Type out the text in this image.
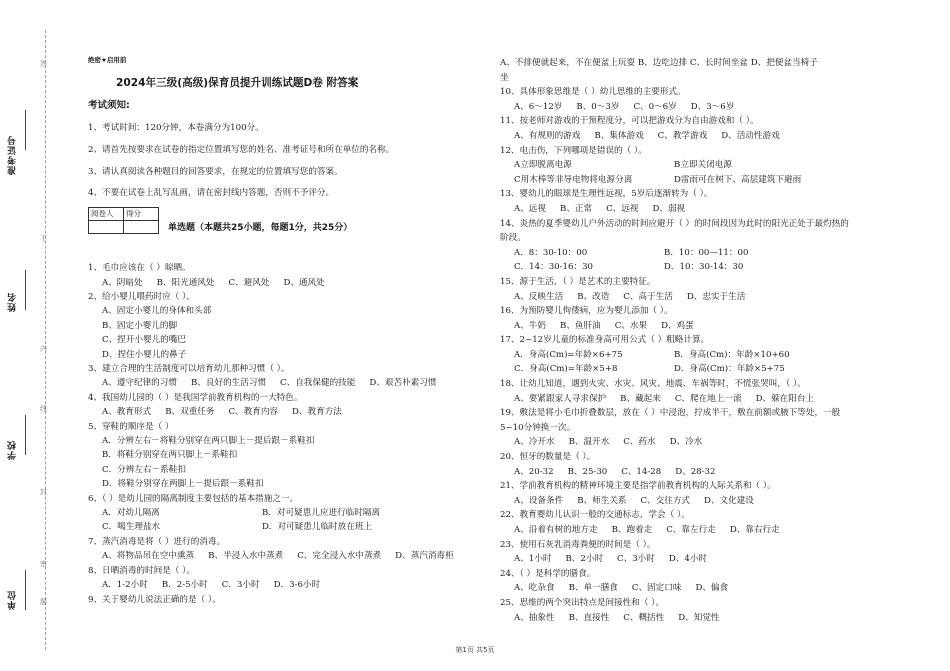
准考证号
姓名
学校
单位
答
不
内
线
封
密
题
绝密★启用前
2024年三级(高级)保育员提升训练试题D卷 附答案
考试须知:
1、考试时间：120分钟，本卷满分为100分。
2、请首先按要求在试卷的指定位置填写您的姓名、准考证号和所在单位的名称。
3、请认真阅读各种题目的回答要求，在规定的位置填写您的答案。
4、不要在试卷上乱写乱画，请在密封线内答题，否则不予评分。
阅卷人	得分

单选题（本题共25小题，每题1分，共25分）
1、毛巾应该在（ ）晾晒。
A、阴暗处 B、阳光通风处 C、避风处 D、通风处
2、给小婴儿喂药时应（ ）。
A、固定小婴儿的身体和头部
B、固定小婴儿的脚
C、捏开小婴儿的嘴巴
D、捏住小婴儿的鼻子
3、建立合理的生活制度可以培育幼儿那种习惯（ ）。
A、遵守纪律的习惯 B、良好的生活习惯 C、自我保健的技能 D、艰苦朴素习惯
4、我国幼儿园的（ ）是我国学前教育机构的一大特色。
A、教育形式 B、双重任务 C、教育内容 D、教育方法
5、穿鞋的顺序是（ ）
A．分辨左右－将鞋分别穿在两只脚上－提后跟－系鞋扣
B．将鞋分别穿在两只脚上－系鞋扣
C．分辨左右－系鞋扣
D．将鞋分别穿在两脚上－提后跟－系鞋扣
6、（ ）是幼儿园的隔离制度主要包括的基本措施之一。
A．对幼儿隔离	B．对可疑患儿应进行临时隔离
C．喝生理盐水	D．对可疑患儿临时放在班上
7、蒸汽消毒是将（ ）进行的消毒。
A、将物品吊在空中熏蒸 B、半浸入水中蒸煮 C、完全浸入水中蒸煮 D、蒸汽消毒柜
8、日晒消毒的时间是（ ）。
A．1-2小时 B．2-5小时 C．3小时 D．3-6小时
9、关于婴幼儿说法正确的是（ ）。
A、不排便就起来，不在便盆上玩耍 B、边吃边排 C、长时间坐盆 D、把便盆当椅子
坐
10、具体形象思维是（ ）幼儿思维的主要形式。
A、6～12岁 B、0～3岁 C、0～6岁 D、3～6岁
11、按老师对游戏的干预程度分，可以把游戏分为自由游戏和（ ）。
A、有规则的游戏 B、集体游戏 C、教学游戏 D、活动性游戏
12、电击伤，下列哪项是错误的（ ）。
A立即脱离电源	B立即关闭电源
C用木棒等非导电物将电源分离	D雷雨可在树下、高层建筑下避雨
13、婴幼儿的眼球是生理性远视，5岁后逐渐转为（ ）。
A、远视 B、正常 C、远视 D、弱视
14、炎热的夏季婴幼儿户外活动的时间应避开（ ）的时间段因为此时的阳光正处于最灼热的
阶段。
A．8：30-10：00	B．10：00—11：00
C．14：30-16：30	D．10：30-14：30
15、源于生活，（ ）是艺术的主要特征。
A、反映生活 B、改造 C、高于生活 D、忠实于生活
16、为预防婴儿佝偻病，应为婴儿添加（ ）。
A、牛奶 B、鱼肝油 C、水果 D、鸡蛋
17、2~12岁儿童的标准身高可用公式（ ）粗略计算。
A．身高(Cm)=年龄×6+75	B．身高(Cm)：年龄×10+60
C．身高(Cm)=年龄×5+8	D．身高(Cm)：年龄×5+75
18、让幼儿知道，遇到火灾、水灾、风灾、地震、车祸等时，不慌张哭叫，（ ）。
A、要紧跟家人寻求保护 B、藏起来 C、爬在地上一滚 D、躲在阳台上
19、敷法是将小毛巾折叠数层，放在（ ）中浸泡，拧成半干，敷在前额或腋下等处，一般
5~10分钟换一次。
A、冷开水 B、温开水 C、药水 D、冷水
20、恒牙的数量是（ ）。
A、20-32 B、25-30 C、14-28 D、28-32
21、学前教育机构的精神环境主要是指学前教育机构的人际关系和（ ）。
A、设备条件 B、师生关系 C、交往方式 D、文化建设
22、教育婴幼儿认识一般的交通标志，学会（ ）。
A、沿着有树的地方走 B、跑着走 C、靠左行走 D、靠右行走
23、使用石灰乳消毒粪便的时间是（ ）。
A、1小时 B、2小时 C、3小时 D、4小时
24、（ ）是科学的膳食。
A、吃杂食 B、单一膳食 C、固定口味 D、偏食
25、思维的两个突出特点是间接性和（ ）。
A、抽象性 B、直接性 C、概括性 D、知觉性
第1页 共5页
